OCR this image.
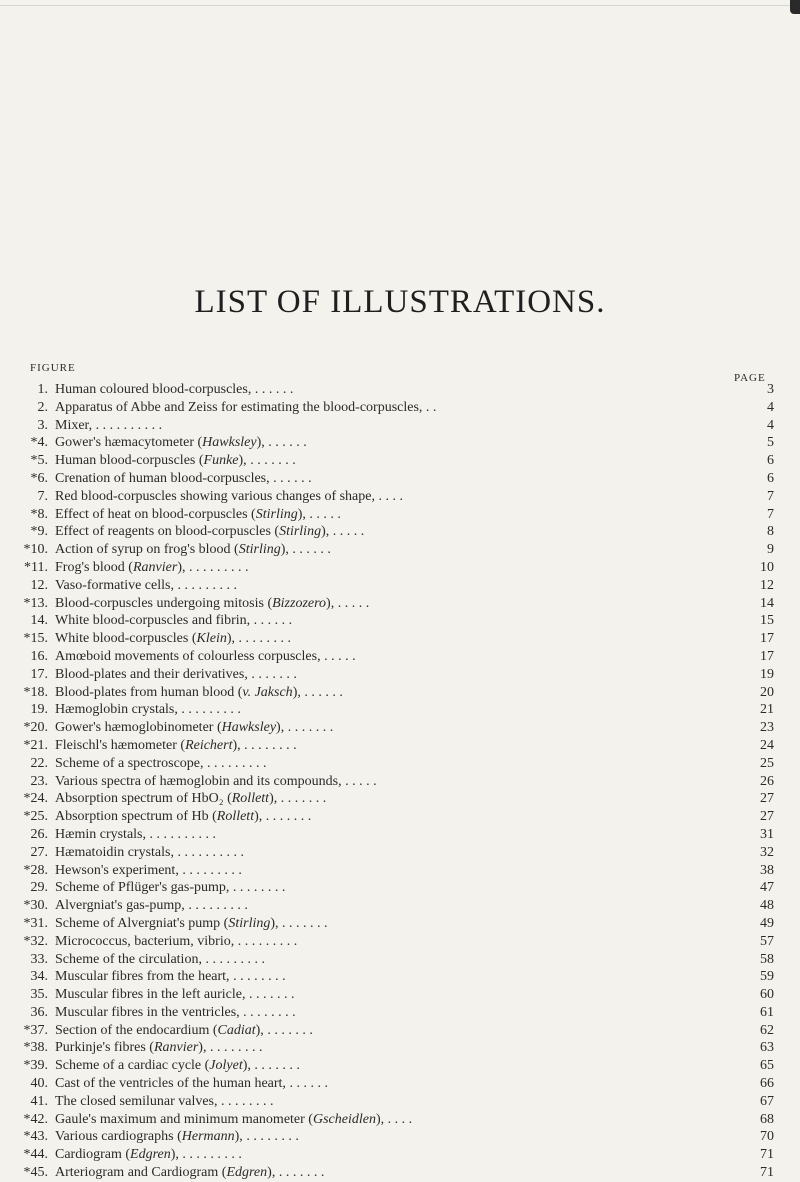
LIST OF ILLUSTRATIONS.
FIGURE
PAGE
1. Human coloured blood-corpuscles, . . . . . .	3
2. Apparatus of Abbe and Zeiss for estimating the blood-corpuscles, . .	4
3. Mixer, . . . . . . . . . .	4
*4. Gower's hæmacytometer (Hawksley), . . . . . .	5
*5. Human blood-corpuscles (Funke), . . . . . . .	6
*6. Crenation of human blood-corpuscles, . . . . . .	6
7. Red blood-corpuscles showing various changes of shape, . . . .	7
*8. Effect of heat on blood-corpuscles (Stirling), . . . . .	7
*9. Effect of reagents on blood-corpuscles (Stirling), . . . . .	8
*10. Action of syrup on frog's blood (Stirling), . . . . . .	9
*11. Frog's blood (Ranvier), . . . . . . . . .	10
12. Vaso-formative cells, . . . . . . . . .	12
*13. Blood-corpuscles undergoing mitosis (Bizzozero), . . . . .	14
14. White blood-corpuscles and fibrin, . . . . . .	15
*15. White blood-corpuscles (Klein), . . . . . . . .	17
16. Amœboid movements of colourless corpuscles, . . . . .	17
17. Blood-plates and their derivatives, . . . . . . .	19
*18. Blood-plates from human blood (v. Jaksch), . . . . . .	20
19. Hæmoglobin crystals, . . . . . . . . .	21
*20. Gower's hæmoglobinometer (Hawksley), . . . . . . .	23
*21. Fleischl's hæmometer (Reichert), . . . . . . . .	24
22. Scheme of a spectroscope, . . . . . . . . .	25
23. Various spectra of hæmoglobin and its compounds, . . . . .	26
*24. Absorption spectrum of HbO₂ (Rollett), . . . . . . .	27
*25. Absorption spectrum of Hb (Rollett), . . . . . . .	27
26. Hæmin crystals, . . . . . . . . . .	31
27. Hæmatoidin crystals, . . . . . . . . . .	32
*28. Hewson's experiment, . . . . . . . . .	38
29. Scheme of Pflüger's gas-pump, . . . . . . . .	47
*30. Alvergniat's gas-pump, . . . . . . . . .	48
*31. Scheme of Alvergniat's pump (Stirling), . . . . . . .	49
*32. Micrococcus, bacterium, vibrio, . . . . . . . . .	57
33. Scheme of the circulation, . . . . . . . . .	58
34. Muscular fibres from the heart, . . . . . . . .	59
35. Muscular fibres in the left auricle, . . . . . . .	60
36. Muscular fibres in the ventricles, . . . . . . . .	61
*37. Section of the endocardium (Cadiat), . . . . . . .	62
*38. Purkinje's fibres (Ranvier), . . . . . . . .	63
*39. Scheme of a cardiac cycle (Jolyet), . . . . . . .	65
40. Cast of the ventricles of the human heart, . . . . . .	66
41. The closed semilunar valves, . . . . . . . .	67
*42. Gaule's maximum and minimum manometer (Gscheidlen), . . . .	68
*43. Various cardiographs (Hermann), . . . . . . . .	70
*44. Cardiogram (Edgren), . . . . . . . . .	71
*45. Arteriogram and Cardiogram (Edgren), . . . . . . .	71
